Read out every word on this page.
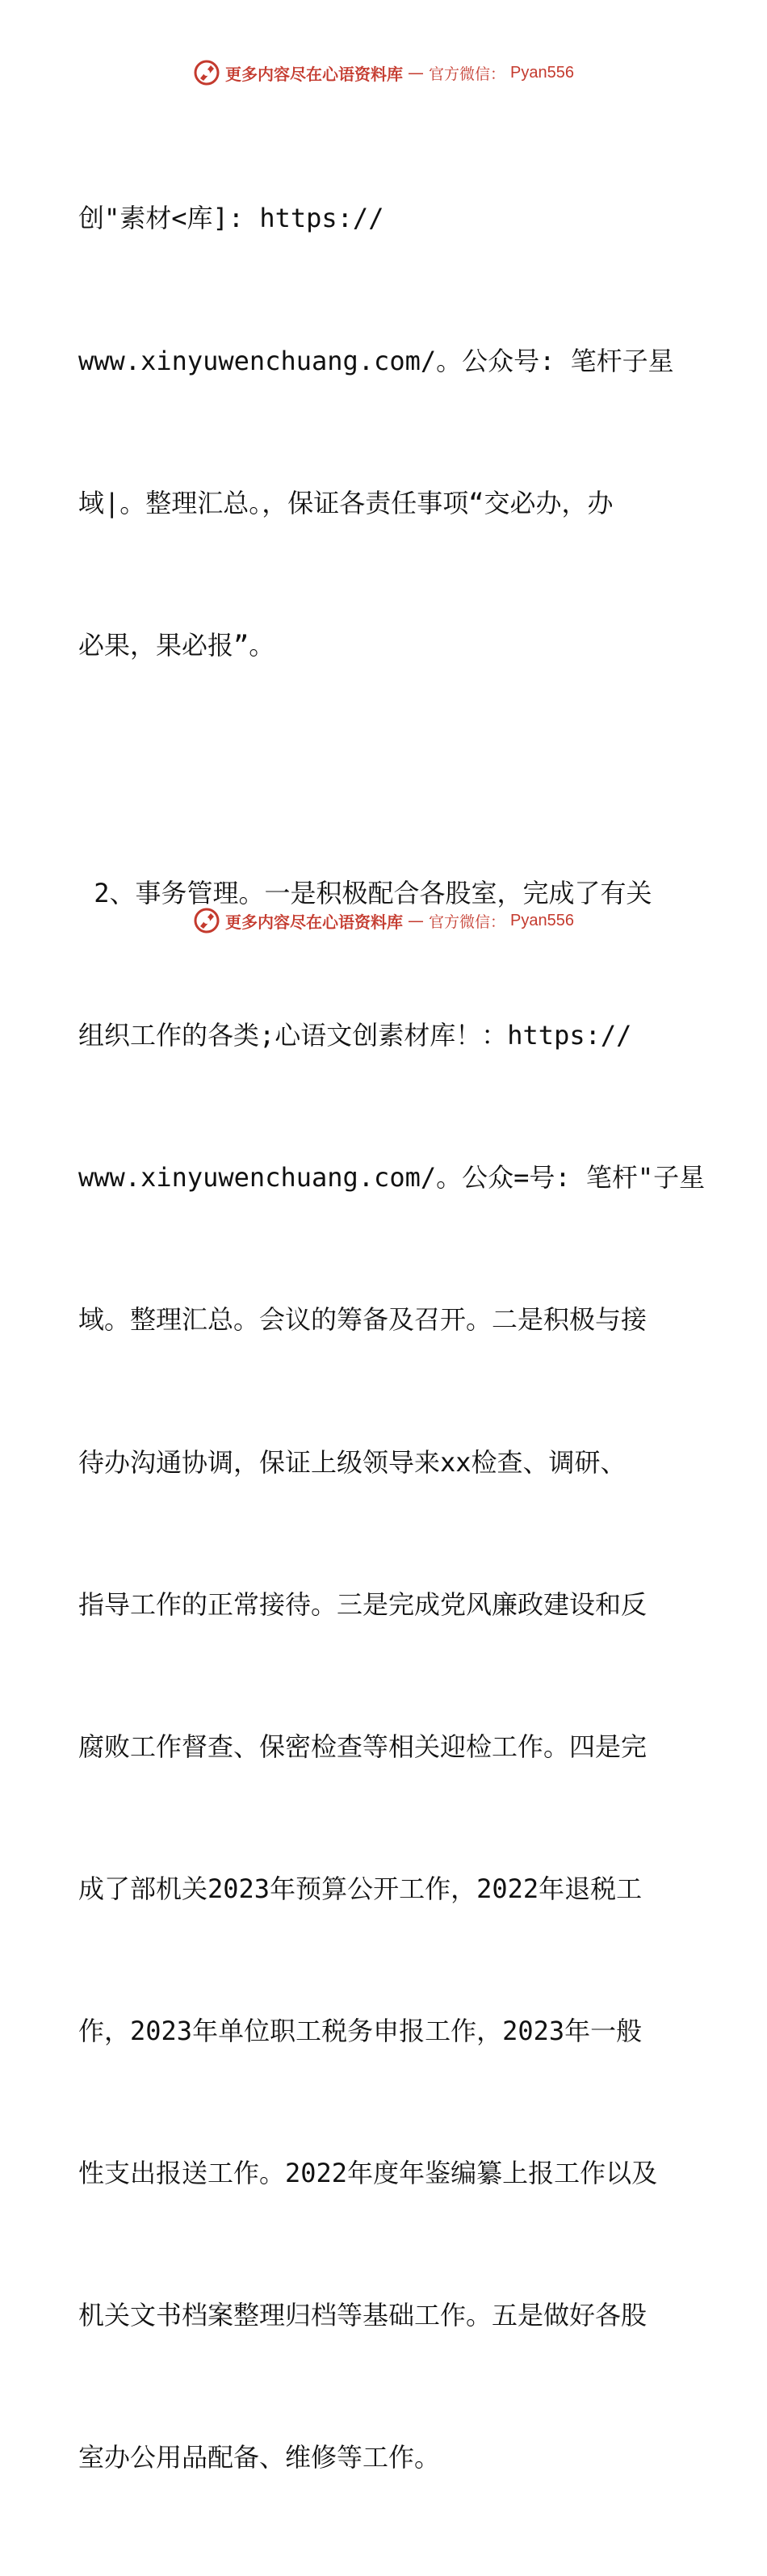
更多内容尽在心语资料库 — 官方微信： Pyan556

创"素材<库]: https://

www.xinyuwenchuang.com/。公众号: 笔杆子星

域|。整理汇总。，保证各责任事项“交必办，办

必果，果必报”。

2、事务管理。一是积极配合各股室，完成了有关

组织工作的各类;心语文创素材库！：https://

www.xinyuwenchuang.com/。公众=号: 笔杆"子星

域。整理汇总。会议的筹备及召开。二是积极与接

待办沟通协调，保证上级领导来xx检查、调研、

指导工作的正常接待。三是完成党风廉政建设和反

腐败工作督查、保密检查等相关迎检工作。四是完

成了部机关2023年预算公开工作，2022年退税工

作，2023年单位职工税务申报工作，2023年一般

性支出报送工作。2022年度年鉴编纂上报工作以及

机关文书档案整理归档等基础工作。五是做好各股

室办公用品配备、维修等工作。

更多内容尽在心语资料库 — 官方微信： Pyan556
